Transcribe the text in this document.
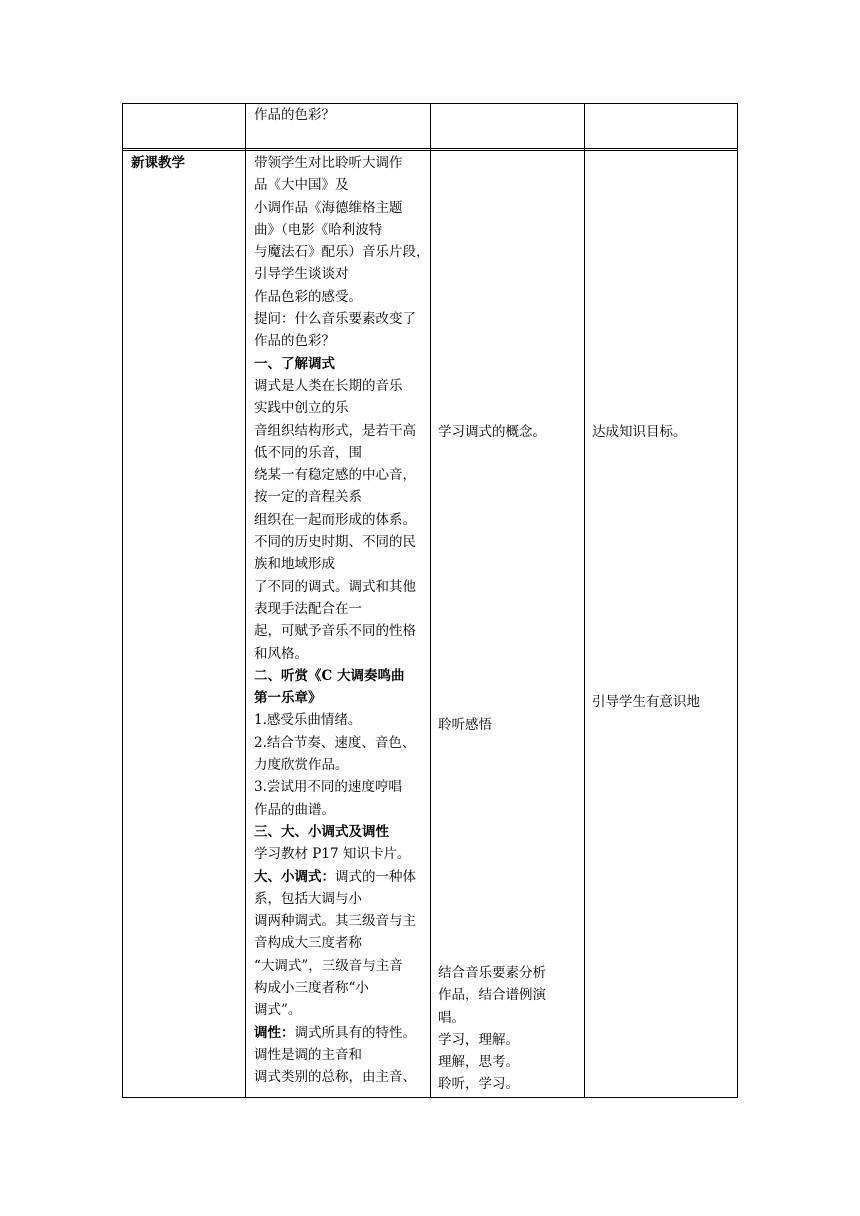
作品的色彩？
新课教学	带领学生对比聆听大调作
品《大中国》及
小调作品《海德维格主题
曲》（电影《哈利波特
与魔法石》配乐）音乐片段，
引导学生谈谈对
作品色彩的感受。
提问：什么音乐要素改变了
作品的色彩？
一、了解调式
调式是人类在长期的音乐
实践中创立的乐
音组织结构形式，是若干高
低不同的乐音，围
绕某一有稳定感的中心音，
按一定的音程关系
组织在一起而形成的体系。
不同的历史时期、不同的民
族和地域形成
了不同的调式。调式和其他
表现手法配合在一
起，可赋予音乐不同的性格
和风格。
二、听赏《C 大调奏鸣曲
第一乐章》
1.感受乐曲情绪。
2.结合节奏、速度、音色、
力度欣赏作品。
3.尝试用不同的速度哼唱
作品的曲谱。
三、大、小调式及调性
学习教材 P17 知识卡片。
大、小调式：调式的一种体
系，包括大调与小
调两种调式。其三级音与主
音构成大三度者称
“大调式”，三级音与主音
构成小三度者称“小
调式”。
调性：调式所具有的特性。
调性是调的主音和
调式类别的总称，由主音、
学习调式的概念。
聆听感悟
结合音乐要素分析
作品，结合谱例演
唱。
学习，理解。
理解，思考。
聆听，学习。
达成知识目标。
引导学生有意识地
